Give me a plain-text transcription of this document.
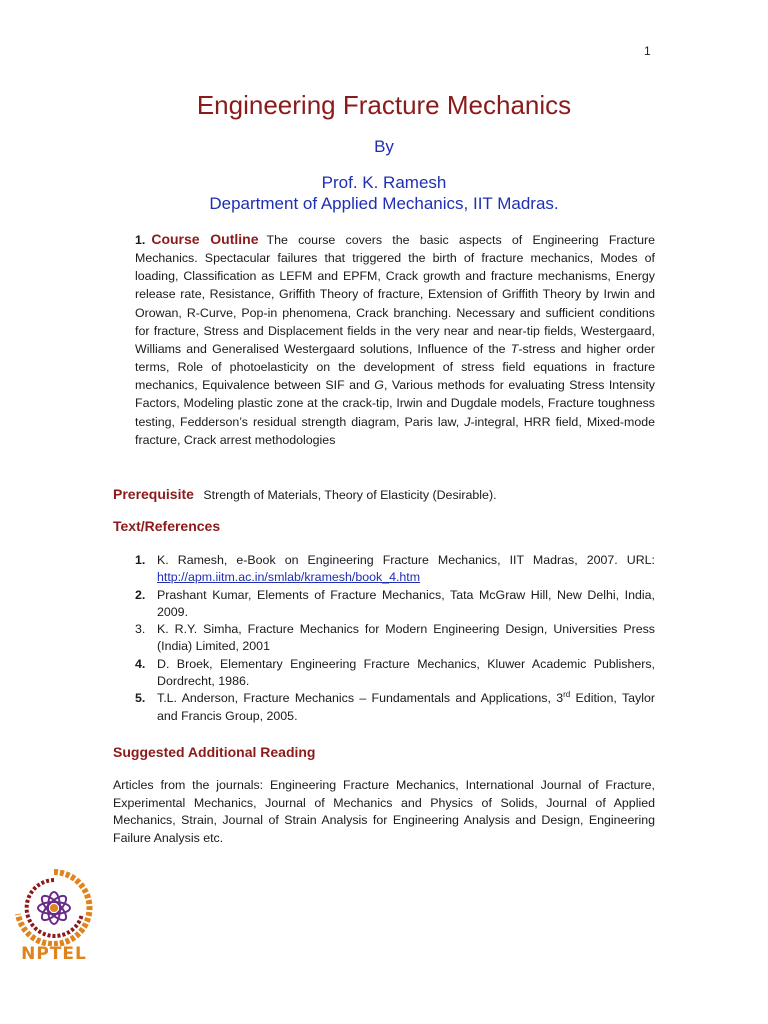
1
Engineering Fracture Mechanics
By
Prof. K. Ramesh
Department of Applied Mechanics, IIT Madras.
1. Course Outline The course covers the basic aspects of Engineering Fracture Mechanics. Spectacular failures that triggered the birth of fracture mechanics, Modes of loading, Classification as LEFM and EPFM, Crack growth and fracture mechanisms, Energy release rate, Resistance, Griffith Theory of fracture, Extension of Griffith Theory by Irwin and Orowan, R-Curve, Pop-in phenomena, Crack branching. Necessary and sufficient conditions for fracture, Stress and Displacement fields in the very near and near-tip fields, Westergaard, Williams and Generalised Westergaard solutions, Influence of the T-stress and higher order terms, Role of photoelasticity on the development of stress field equations in fracture mechanics, Equivalence between SIF and G, Various methods for evaluating Stress Intensity Factors, Modeling plastic zone at the crack-tip, Irwin and Dugdale models, Fracture toughness testing, Fedderson’s residual strength diagram, Paris law, J-integral, HRR field, Mixed-mode fracture, Crack arrest methodologies
Prerequisite Strength of Materials, Theory of Elasticity (Desirable).
Text/References
1. K. Ramesh, e-Book on Engineering Fracture Mechanics, IIT Madras, 2007. URL: http://apm.iitm.ac.in/smlab/kramesh/book_4.htm
2. Prashant Kumar, Elements of Fracture Mechanics, Tata McGraw Hill, New Delhi, India, 2009.
3. K. R.Y. Simha, Fracture Mechanics for Modern Engineering Design, Universities Press (India) Limited, 2001
4. D. Broek, Elementary Engineering Fracture Mechanics, Kluwer Academic Publishers, Dordrecht, 1986.
5. T.L. Anderson, Fracture Mechanics – Fundamentals and Applications, 3rd Edition, Taylor and Francis Group, 2005.
Suggested Additional Reading
Articles from the journals: Engineering Fracture Mechanics, International Journal of Fracture, Experimental Mechanics, Journal of Mechanics and Physics of Solids, Journal of Applied Mechanics, Strain, Journal of Strain Analysis for Engineering Analysis and Design, Engineering Failure Analysis etc.
NPTEL
